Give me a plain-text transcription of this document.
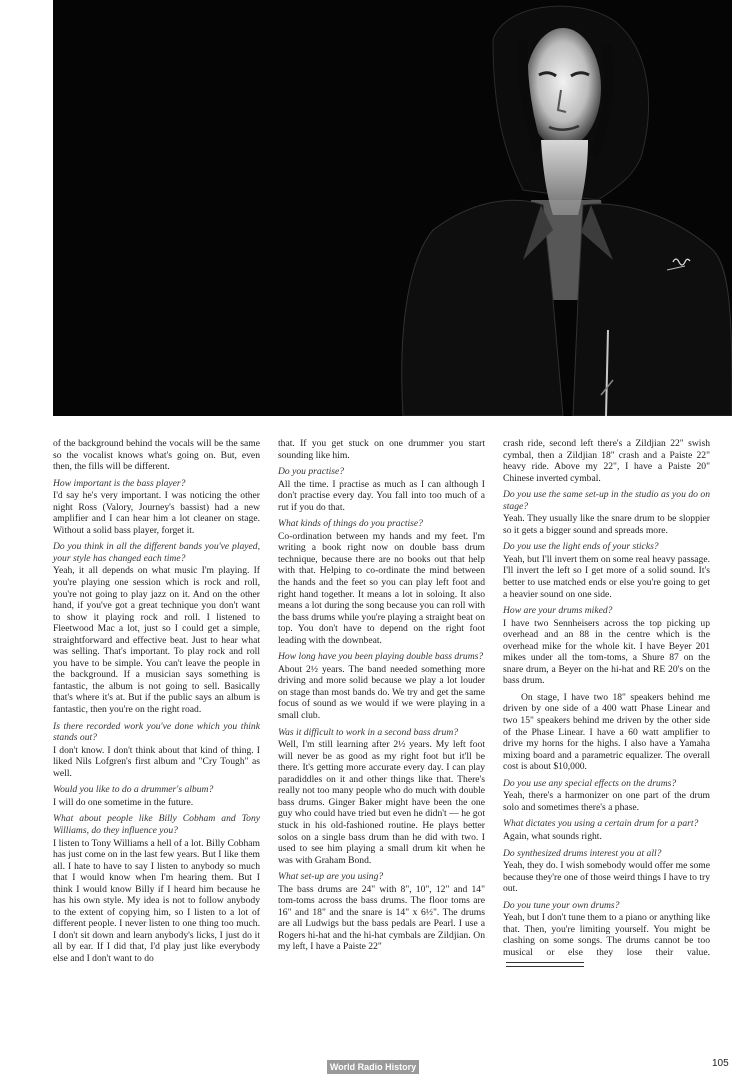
of the background behind the vocals will be the same so the vocalist knows what's going on. But, even then, the fills will be different.

How important is the bass player?

I'd say he's very important. I was noticing the other night Ross (Valory, Journey's bassist) had a new amplifier and I can hear him a lot cleaner on stage. Without a solid bass player, forget it.

Do you think in all the different bands you've played, your style has changed each time?

Yeah, it all depends on what music I'm playing. If you're playing one session which is rock and roll, you're not going to play jazz on it. And on the other hand, if you've got a great technique you don't want to show it playing rock and roll. I listened to Fleetwood Mac a lot, just so I could get a simple, straightforward and effective beat. Just to hear what was selling. That's important. To play rock and roll you have to be simple. You can't leave the people in the background. If a musician says something is fantastic, the album is not going to sell. Basically that's where it's at. But if the public says an album is fantastic, then you're on the right road.

Is there recorded work you've done which you think stands out?

I don't know. I don't think about that kind of thing. I liked Nils Lofgren's first album and "Cry Tough" as well.

Would you like to do a drummer's album?

I will do one sometime in the future.

What about people like Billy Cobham and Tony Williams, do they influence you?

I listen to Tony Williams a hell of a lot. Billy Cobham has just come on in the last few years. But I like them all. I hate to have to say I listen to anybody so much that I would know when I'm hearing them. But I think I would know Billy if I heard him because he has his own style. My idea is not to follow anybody to the extent of copying him, so I listen to a lot of different people. I never listen to one thing too much. I don't sit down and learn anybody's licks, I just do it all by ear. If I did that, I'd play just like everybody else and I don't want to do

that. If you get stuck on one drummer you start sounding like him.

Do you practise?

All the time. I practise as much as I can although I don't practise every day. You fall into too much of a rut if you do that.

What kinds of things do you practise?

Co-ordination between my hands and my feet. I'm writing a book right now on double bass drum technique, because there are no books out that help with that. Helping to co-ordinate the mind between the hands and the feet so you can play left foot and right hand together. It means a lot in soloing. It also means a lot during the song because you can roll with the bass drums while you're playing a straight beat on top. You don't have to depend on the right foot leading with the downbeat.

How long have you been playing double bass drums?

About 2½ years. The band needed something more driving and more solid because we play a lot louder on stage than most bands do. We try and get the same focus of sound as we would if we were playing in a small club.

Was it difficult to work in a second bass drum?

Well, I'm still learning after 2½ years. My left foot will never be as good as my right foot but it'll be there. It's getting more accurate every day. I can play paradiddles on it and other things like that. There's really not too many people who do much with double bass drums. Ginger Baker might have been the one guy who could have tried but even he didn't — he got stuck in his old-fashioned routine. He plays better solos on a single bass drum than he did with two. I used to see him playing a small drum kit when he was with Graham Bond.

What set-up are you using?

The bass drums are 24" with 8", 10", 12" and 14" tom-toms across the bass drums. The floor toms are 16" and 18" and the snare is 14" x 6½". The drums are all Ludwigs but the bass pedals are Pearl. I use a Rogers hi-hat and the hi-hat cymbals are Zildjian. On my left, I have a Paiste 22"

crash ride, second left there's a Zildjian 22" swish cymbal, then a Zildjian 18" crash and a Paiste 22" heavy ride. Above my 22", I have a Paiste 20" Chinese inverted cymbal.

Do you use the same set-up in the studio as you do on stage?

Yeah. They usually like the snare drum to be sloppier so it gets a bigger sound and spreads more.

Do you use the light ends of your sticks?

Yeah, but I'll invert them on some real heavy passage. I'll invert the left so I get more of a solid sound. It's better to use matched ends or else you're going to get a heavier sound on one side.

How are your drums miked?

I have two Sennheisers across the top picking up overhead and an 88 in the centre which is the overhead mike for the whole kit. I have Beyer 201 mikes under all the tom-toms, a Shure 87 on the snare drum, a Beyer on the hi-hat and RE 20's on the bass drum.

On stage, I have two 18" speakers behind me driven by one side of a 400 watt Phase Linear and two 15" speakers behind me driven by the other side of the Phase Linear. I have a 60 watt amplifier to drive my horns for the highs. I also have a Yamaha mixing board and a parametric equalizer. The overall cost is about $10,000.

Do you use any special effects on the drums?

Yeah, there's a harmonizer on one part of the drum solo and sometimes there's a phase.

What dictates you using a certain drum for a part?

Again, what sounds right.

Do synthesized drums interest you at all?

Yeah, they do. I wish somebody would offer me some because they're one of those weird things I have to try out.

Do you tune your own drums?

Yeah, but I don't tune them to a piano or anything like that. Then, you're limiting yourself. You might be clashing on some songs. The drums cannot be too musical or else they lose their value.

World Radio History	105
